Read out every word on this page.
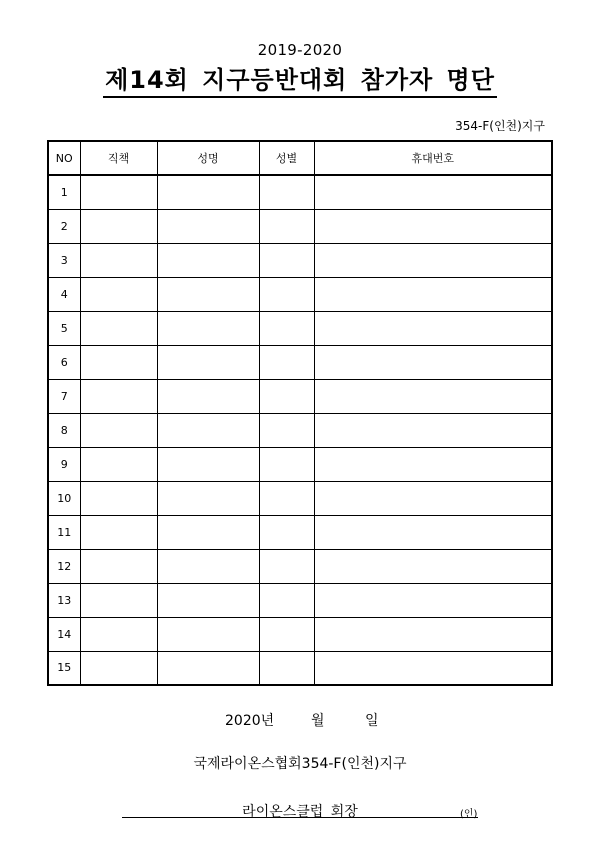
2019-2020
제14회 지구등반대회 참가자 명단
354-F(인천)지구
NO	직책	성명	성별	휴대번호
1				
2				
3				
4				
5				
6				
7				
8				
9				
10				
11				
12				
13				
14				
15				
2020년	월	일
국제라이온스협회354-F(인천)지구
라이온스클럽 회장	(인)
